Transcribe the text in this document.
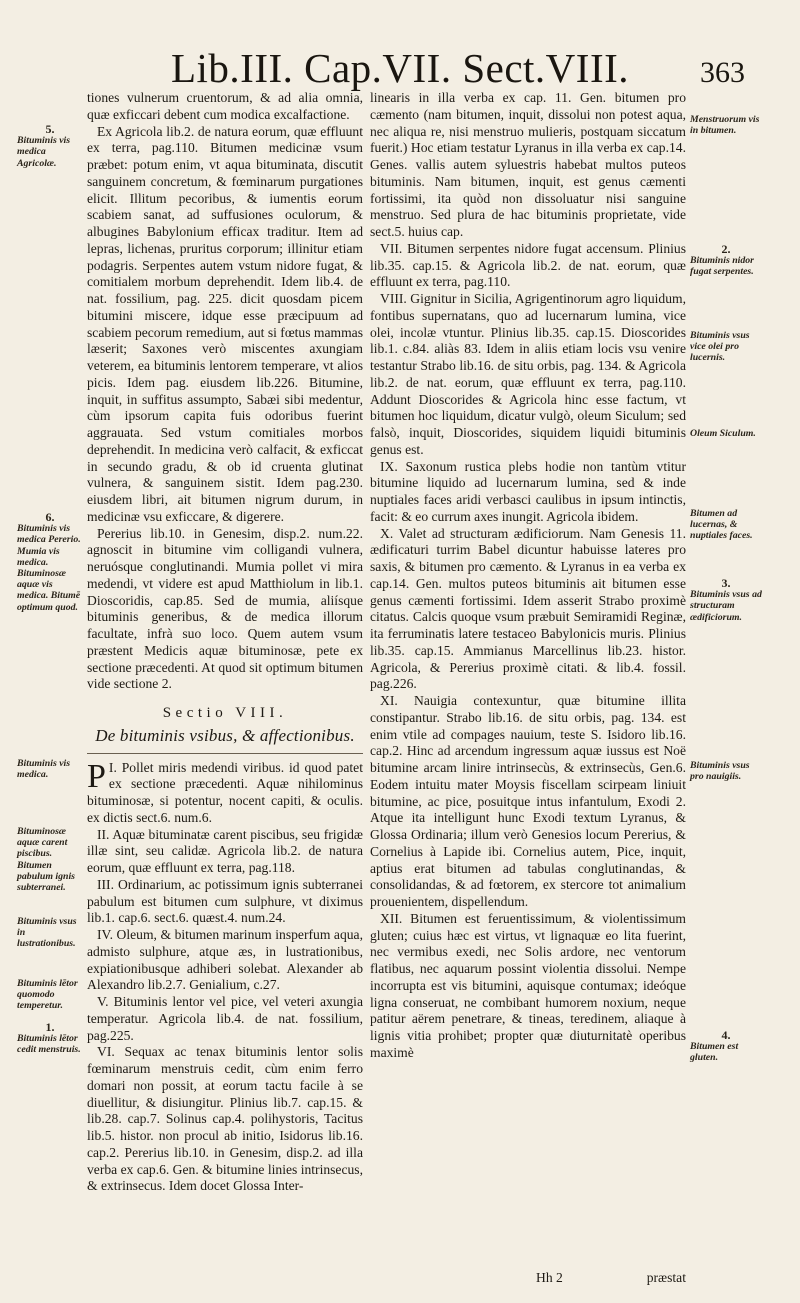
Lib.III. Cap.VII. Sect.VIII.	363

tiones vulnerum cruentorum, & ad alia omnia, quæ exficcari debent cum modica excalfactione.

Ex Agricola lib.2. de natura eorum, quæ effluunt ex terra, pag.110. Bitumen medicinæ vsum præbet: potum enim, vt aqua bituminata, discutit sanguinem concretum, & fœminarum purgationes elicit. Illitum pecoribus, & iumentis eorum scabiem sanat, ad suffusiones oculorum, & albugines Babylonium efficax traditur. Item ad lepras, lichenas, pruritus corporum; illinitur etiam podagris. Serpentes autem vstum nidore fugat, & comitialem morbum deprehendit. Idem lib.4. de nat. fossilium, pag. 225. dicit quosdam picem bitumini miscere, idque esse præcipuum ad scabiem pecorum remedium, aut si fœtus mammas læserit; Saxones verò miscentes axungiam veterem, ea bituminis lentorem temperare, vt alios picis. Idem pag. eiusdem lib.226. Bitumine, inquit, in suffitus assumpto, Sabæi sibi medentur, cùm ipsorum capita fuis odoribus fuerint aggrauata. Sed vstum comitiales morbos deprehendit. In medicina verò calfacit, & exficcat in secundo gradu, & ob id cruenta glutinat vulnera, & sanguinem sistit. Idem pag.230. eiusdem libri, ait bitumen nigrum durum, in medicinæ vsu exficcare, & digerere.

Pererius lib.10. in Genesim, disp.2. num.22. agnoscit in bitumine vim colligandi vulnera, neruósque conglutinandi. Mumia pollet vi mira medendi, vt videre est apud Matthiolum in lib.1. Dioscoridis, cap.85. Sed de mumia, aliísque bituminis generibus, & de medica illorum facultate, infrà suo loco. Quem autem vsum præstent Medicis aquæ bituminosæ, pete ex sectione præcedenti. At quod sit optimum bitumen vide sectione 2.

Sectio VIII.
De bituminis vsibus, & affectionibus.

P I. Pollet miris medendi viribus. id quod patet ex sectione præcedenti. Aquæ nihilominus bituminosæ, si potentur, nocent capiti, & oculis. ex dictis sect.6. num.6.

II. Aquæ bituminatæ carent piscibus, seu frigidæ illæ sint, seu calidæ. Agricola lib.2. de natura eorum, quæ effluunt ex terra, pag.118.

III. Ordinarium, ac potissimum ignis subterranei pabulum est bitumen cum sulphure, vt diximus lib.1. cap.6. sect.6. quæst.4. num.24.

IV. Oleum, & bitumen marinum insperfum aqua, admisto sulphure, atque æs, in lustrationibus, expiationibusque adhiberi solebat. Alexander ab Alexandro lib.2.7. Genialium, c.27.

V. Bituminis lentor vel pice, vel veteri axungia temperatur. Agricola lib.4. de nat. fossilium, pag.225.

VI. Sequax ac tenax bituminis lentor solis fœminarum menstruis cedit, cùm enim ferro domari non possit, at eorum tactu facile à se diuellitur, & disiungitur. Plinius lib.7. cap.15. & lib.28. cap.7. Solinus cap.4. polihystoris, Tacitus lib.5. histor. non procul ab initio, Isidorus lib.16. cap.2. Pererius lib.10. in Genesim, disp.2. ad illa verba ex cap.6. Gen. & bitumine linies intrinsecus, & extrinsecus. Idem docet Glossa Inter-

linearis in illa verba ex cap. 11. Gen. bitumen pro cæmento (nam bitumen, inquit, dissolui non potest aqua, nec aliqua re, nisi menstruo mulieris, postquam siccatum fuerit.) Hoc etiam testatur Lyranus in illa verba ex cap.14. Genes. vallis autem syluestris habebat multos puteos bituminis. Nam bitumen, inquit, est genus cæmenti fortissimi, ita quòd non dissoluatur nisi sanguine menstruo. Sed plura de hac bituminis proprietate, vide sect.5. huius cap.

VII. Bitumen serpentes nidore fugat accensum. Plinius lib.35. cap.15. & Agricola lib.2. de nat. eorum, quæ effluunt ex terra, pag.110.

VIII. Gignitur in Sicilia, Agrigentinorum agro liquidum, fontibus supernatans, quo ad lucernarum lumina, vice olei, incolæ vtuntur. Plinius lib.35. cap.15. Dioscorides lib.1. c.84. aliàs 83. Idem in aliis etiam locis vsu venire testantur Strabo lib.16. de situ orbis, pag. 134. & Agricola lib.2. de nat. eorum, quæ effluunt ex terra, pag.110. Addunt Dioscorides & Agricola hinc esse factum, vt bitumen hoc liquidum, dicatur vulgò, oleum Siculum; sed falsò, inquit, Dioscorides, siquidem liquidi bituminis genus est.

IX. Saxonum rustica plebs hodie non tantùm vtitur bitumine liquido ad lucernarum lumina, sed & inde nuptiales faces aridi verbasci caulibus in ipsum intinctis, facit: & eo currum axes inungit. Agricola ibidem.

X. Valet ad structuram ædificiorum. Nam Genesis 11. ædificaturi turrim Babel dicuntur habuisse lateres pro saxis, & bitumen pro cæmento. & Lyranus in ea verba ex cap.14. Gen. multos puteos bituminis ait bitumen esse genus cæmenti fortissimi. Idem asserit Strabo proximè citatus. Calcis quoque vsum præbuit Semiramidi Reginæ, ita ferruminatis latere testaceo Babylonicis muris. Plinius lib.35. cap.15. Ammianus Marcellinus lib.23. histor. Agricola, & Pererius proximè citati. & lib.4. fossil. pag.226.

XI. Nauigia contexuntur, quæ bitumine illita constipantur. Strabo lib.16. de situ orbis, pag. 134. est enim vtile ad compages nauium, teste S. Isidoro lib.16. cap.2. Hinc ad arcendum ingressum aquæ iussus est Noë bitumine arcam linire intrinsecùs, & extrinsecùs, Gen.6. Eodem intuitu mater Moysis fiscellam scirpeam liniuit bitumine, ac pice, posuitque intus infantulum, Exodi 2. Atque ita intelligunt hunc Exodi textum Lyranus, & Glossa Ordinaria; illum verò Genesios locum Pererius, & Cornelius à Lapide ibi. Cornelius autem, Pice, inquit, aptius erat bitumen ad tabulas conglutinandas, & consolidandas, & ad fœtorem, ex stercore tot animalium prouenientem, dispellendum.

XII. Bitumen est feruentissimum, & violentissimum gluten; cuius hæc est virtus, vt lignaquæ eo lita fuerint, nec vermibus exedi, nec Solis ardore, nec ventorum flatibus, nec aquarum possint violentia dissolui. Nempe incorrupta est vis bitumini, aquisque contumax; ideóque ligna conseruat, ne combibant humorem noxium, neque patitur aërem penetrare, & tineas, teredinem, aliaque à lignis vitia prohibet; propter quæ diuturnitatè operibus maximè

Hh 2	præstat
5.
Bituminis vis medica Agricolæ.
6.
Bituminis vis medica Pererio. Mumia vis medica. Bituminosæ aquæ vis medica. Bitumē optimum quod.
Bituminis vis medica.
Bituminosæ aquæ carent piscibus. Bitumen pabulum ignis subterranei.
Bituminis vsus in lustrationibus.
Bituminis lētor quomodo temperetur.
1.
Bituminis lētor cedit menstruis.
Menstruorum vis in bitumen.
2.
Bituminis nidor fugat serpentes.
Bituminis vsus vice olei pro lucernis.
Oleum Siculum.
Bitumen ad lucernas, & nuptiales faces.
3.
Bituminis vsus ad structuram ædificiorum.
Bituminis vsus pro nauigiis.
4.
Bitumen est gluten.
